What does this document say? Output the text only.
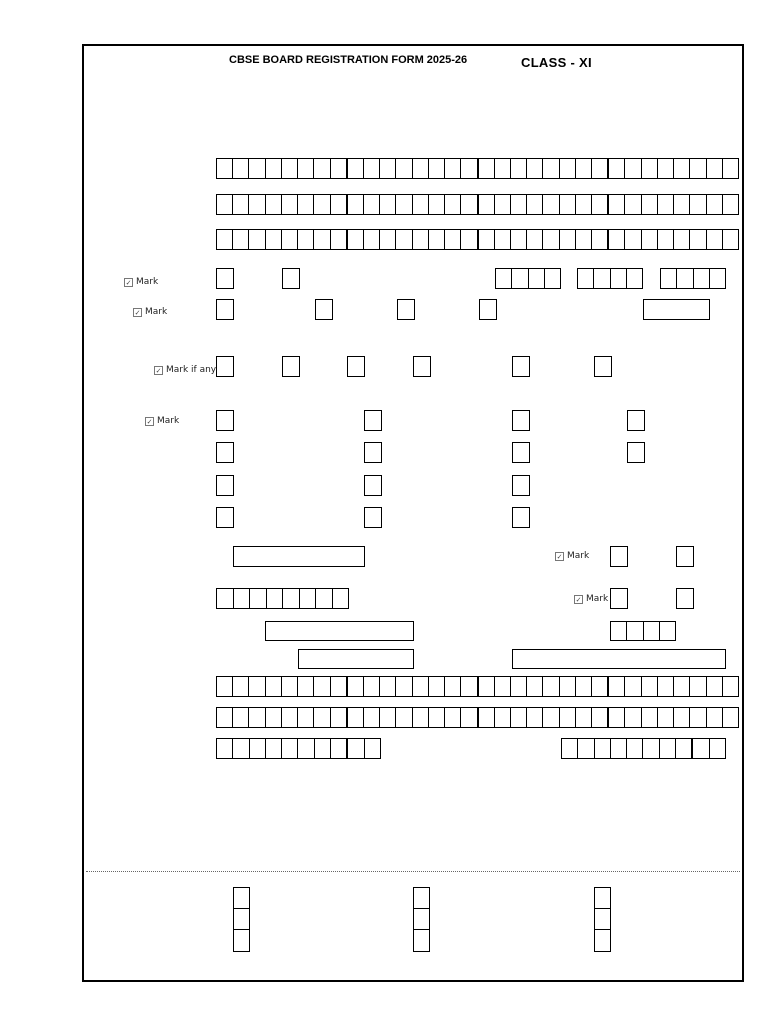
CBSE BOARD REGISTRATION FORM 2025-26	CLASS - XI
✓ Mark
✓ Mark
✓ Mark if any
✓ Mark
✓ Mark
✓ Mark
